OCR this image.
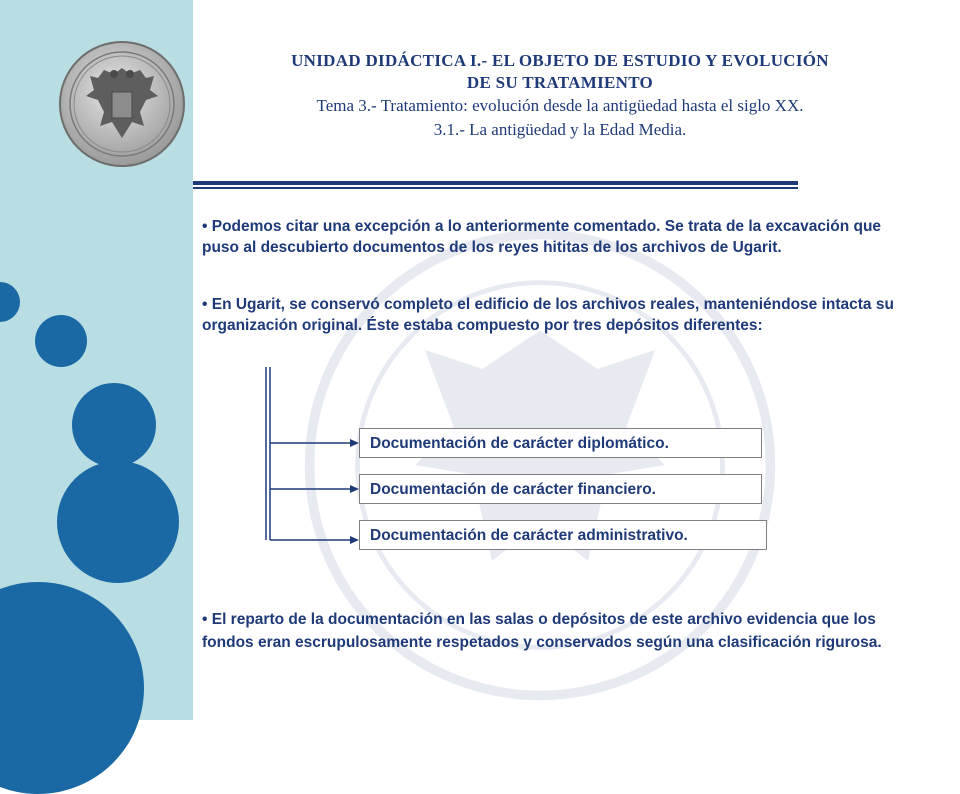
UNIDAD DIDÁCTICA I.- EL OBJETO DE ESTUDIO Y EVOLUCIÓN
DE SU TRATAMIENTO
Tema 3.- Tratamiento: evolución desde la antigüedad hasta el siglo XX.
3.1.- La antigüedad y la Edad Media.

• Podemos citar una excepción a lo anteriormente comentado. Se trata de la excavación que puso al descubierto documentos de los reyes hititas de los archivos de Ugarit.

• En Ugarit, se conservó completo el edificio de los archivos reales, manteniéndose intacta su organización original. Éste estaba compuesto por tres depósitos diferentes:

Documentación de carácter diplomático.
Documentación de carácter financiero.
Documentación de carácter administrativo.

• El reparto de la documentación en las salas o depósitos de este archivo evidencia que los fondos eran escrupulosamente respetados y conservados según una clasificación rigurosa.
